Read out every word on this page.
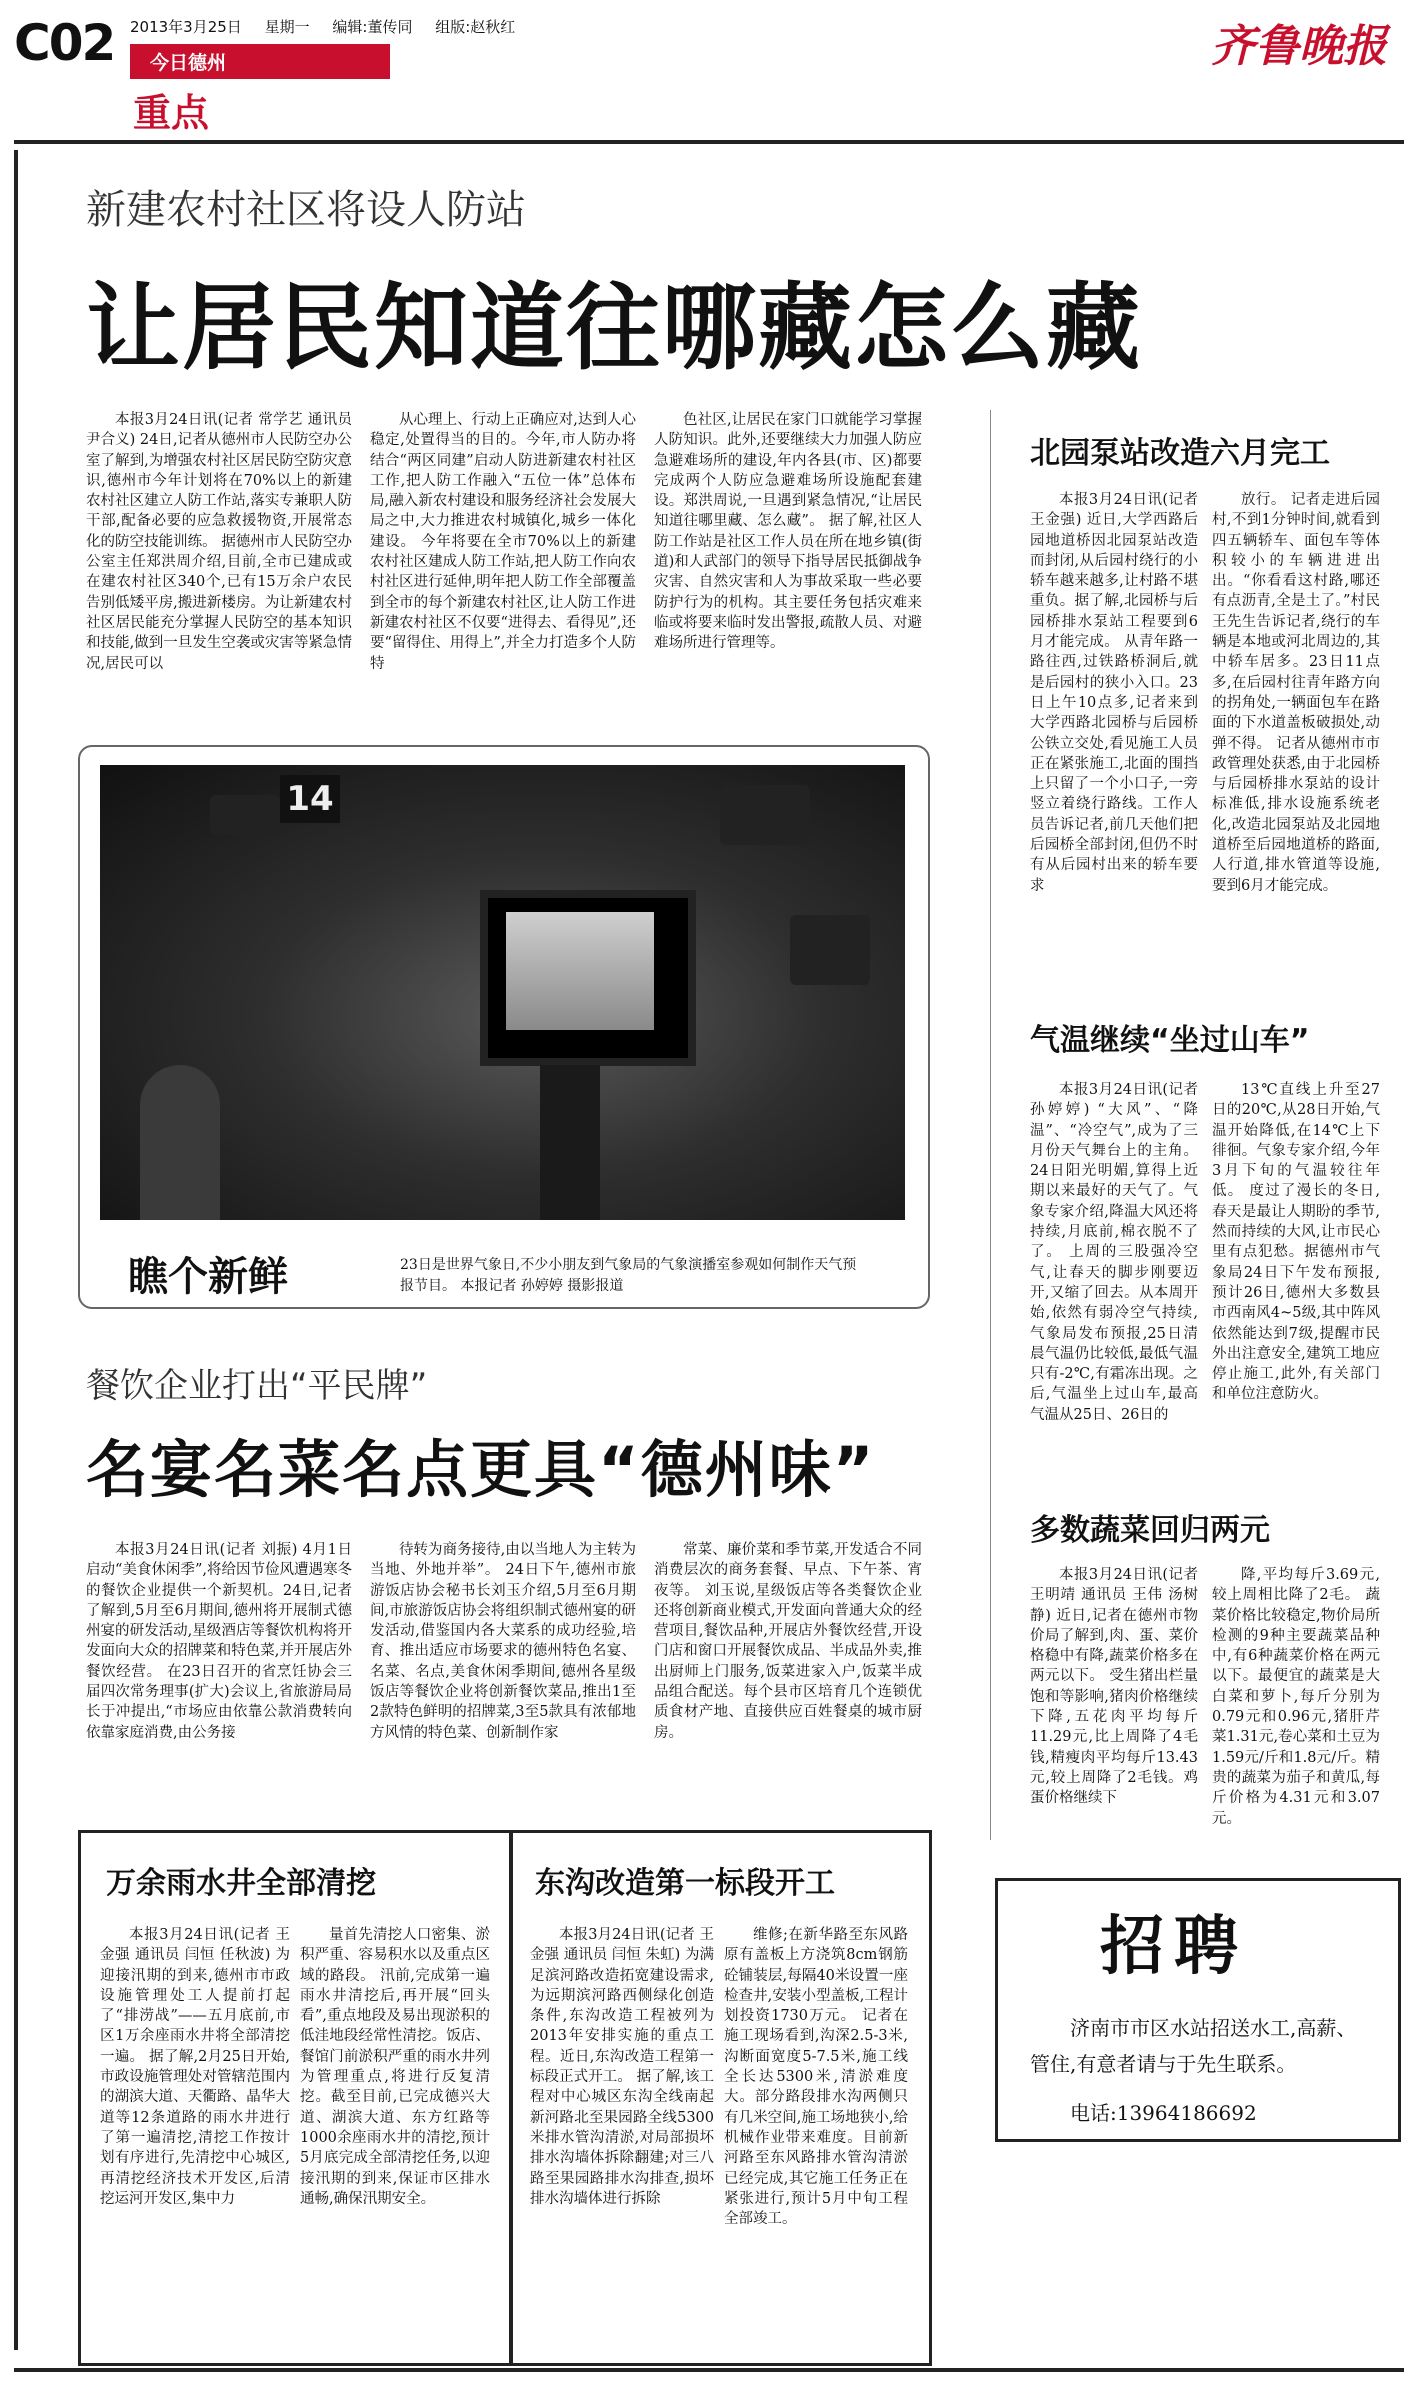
C02 2013年3月25日 星期一 编辑:董传同 组版:赵秋红
今日德州
重点
齐鲁晚报
新建农村社区将设人防站
让居民知道往哪藏怎么藏

本报3月24日讯(记者 常学艺 通讯员 尹合义) 24日,记者从德州市人民防空办公室了解到,为增强农村社区居民防空防灾意识,德州市今年计划将在70%以上的新建农村社区建立人防工作站,落实专兼职人防干部,配备必要的应急救援物资,开展常态化的防空技能训练。 据德州市人民防空办公室主任郑洪周介绍,目前,全市已建成或在建农村社区340个,已有15万余户农民告别低矮平房,搬进新楼房。为让新建农村社区居民能充分掌握人民防空的基本知识和技能,做到一旦发生空袭或灾害等紧急情况,居民可以

从心理上、行动上正确应对,达到人心稳定,处置得当的目的。今年,市人防办将结合“两区同建”启动人防进新建农村社区工作,把人防工作融入“五位一体”总体布局,融入新农村建设和服务经济社会发展大局之中,大力推进农村城镇化,城乡一体化建设。 今年将要在全市70%以上的新建农村社区建成人防工作站,把人防工作向农村社区进行延伸,明年把人防工作全部覆盖到全市的每个新建农村社区,让人防工作进新建农村社区不仅要“进得去、看得见”,还要“留得住、用得上”,并全力打造多个人防特

色社区,让居民在家门口就能学习掌握人防知识。此外,还要继续大力加强人防应急避难场所的建设,年内各县(市、区)都要完成两个人防应急避难场所设施配套建设。郑洪周说,一旦遇到紧急情况,“让居民知道往哪里藏、怎么藏”。 据了解,社区人防工作站是社区工作人员在所在地乡镇(街道)和人武部门的领导下指导居民抵御战争灾害、自然灾害和人为事故采取一些必要防护行为的机构。其主要任务包括灾难来临或将要来临时发出警报,疏散人员、对避难场所进行管理等。

14
瞧个新鲜	23日是世界气象日,不少小朋友到气象局的气象演播室参观如何制作天气预报节目。 本报记者 孙婷婷 摄影报道
餐饮企业打出“平民牌”
名宴名菜名点更具“德州味”

本报3月24日讯(记者 刘振) 4月1日启动“美食休闲季”,将给因节俭风遭遇寒冬的餐饮企业提供一个新契机。24日,记者了解到,5月至6月期间,德州将开展制式德州宴的研发活动,星级酒店等餐饮机构将开发面向大众的招牌菜和特色菜,并开展店外餐饮经营。 在23日召开的省烹饪协会三届四次常务理事(扩大)会议上,省旅游局局长于冲提出,“市场应由依靠公款消费转向依靠家庭消费,由公务接

待转为商务接待,由以当地人为主转为当地、外地并举”。 24日下午,德州市旅游饭店协会秘书长刘玉介绍,5月至6月期间,市旅游饭店协会将组织制式德州宴的研发活动,借鉴国内各大菜系的成功经验,培育、推出适应市场要求的德州特色名宴、名菜、名点,美食休闲季期间,德州各星级饭店等餐饮企业将创新餐饮菜品,推出1至2款特色鲜明的招牌菜,3至5款具有浓郁地方风情的特色菜、创新制作家

常菜、廉价菜和季节菜,开发适合不同消费层次的商务套餐、早点、下午茶、宵夜等。 刘玉说,星级饭店等各类餐饮企业还将创新商业模式,开发面向普通大众的经营项目,餐饮品种,开展店外餐饮经营,开设门店和窗口开展餐饮成品、半成品外卖,推出厨师上门服务,饭菜进家入户,饭菜半成品组合配送。每个县市区培育几个连锁优质食材产地、直接供应百姓餐桌的城市厨房。

万余雨水井全部清挖

本报3月24日讯(记者 王金强 通讯员 闫恒 任秋波) 为迎接汛期的到来,德州市市政设施管理处工人提前打起了“排涝战”——五月底前,市区1万余座雨水井将全部清挖一遍。 据了解,2月25日开始,市政设施管理处对管辖范围内的湖滨大道、天衢路、晶华大道等12条道路的雨水井进行了第一遍清挖,清挖工作按计划有序进行,先清挖中心城区,再清挖经济技术开发区,后清挖运河开发区,集中力

量首先清挖人口密集、淤积严重、容易积水以及重点区域的路段。 汛前,完成第一遍雨水井清挖后,再开展“回头看”,重点地段及易出现淤积的低洼地段经常性清挖。饭店、餐馆门前淤积严重的雨水井列为管理重点,将进行反复清挖。截至目前,已完成德兴大道、湖滨大道、东方红路等1000余座雨水井的清挖,预计5月底完成全部清挖任务,以迎接汛期的到来,保证市区排水通畅,确保汛期安全。

东沟改造第一标段开工

本报3月24日讯(记者 王金强 通讯员 闫恒 朱虹) 为满足滨河路改造拓宽建设需求,为远期滨河路西侧绿化创造条件,东沟改造工程被列为2013年安排实施的重点工程。近日,东沟改造工程第一标段正式开工。 据了解,该工程对中心城区东沟全线南起新河路北至果园路全线5300米排水管沟清淤,对局部损坏排水沟墙体拆除翻建;对三八路至果园路排水沟排查,损坏排水沟墙体进行拆除

维修;在新华路至东风路原有盖板上方浇筑8cm钢筋砼铺装层,每隔40米设置一座检查井,安装小型盖板,工程计划投资1730万元。 记者在施工现场看到,沟深2.5-3米,沟断面宽度5-7.5米,施工线全长达5300米,清淤难度大。部分路段排水沟两侧只有几米空间,施工场地狭小,给机械作业带来难度。目前新河路至东风路排水管沟清淤已经完成,其它施工任务正在紧张进行,预计5月中旬工程全部竣工。

北园泵站改造六月完工

本报3月24日讯(记者 王金强) 近日,大学西路后园地道桥因北园泵站改造而封闭,从后园村绕行的小轿车越来越多,让村路不堪重负。据了解,北园桥与后园桥排水泵站工程要到6月才能完成。 从青年路一路往西,过铁路桥洞后,就是后园村的狭小入口。23日上午10点多,记者来到大学西路北园桥与后园桥公铁立交处,看见施工人员正在紧张施工,北面的围挡上只留了一个小口子,一旁竖立着绕行路线。工作人员告诉记者,前几天他们把后园桥全部封闭,但仍不时有从后园村出来的轿车要求

放行。 记者走进后园村,不到1分钟时间,就看到四五辆轿车、面包车等体积较小的车辆进进出出。“你看看这村路,哪还有点沥青,全是土了。”村民王先生告诉记者,绕行的车辆是本地或河北周边的,其中轿车居多。23日11点多,在后园村往青年路方向的拐角处,一辆面包车在路面的下水道盖板破损处,动弹不得。 记者从德州市市政管理处获悉,由于北园桥与后园桥排水泵站的设计标准低,排水设施系统老化,改造北园泵站及北园地道桥至后园地道桥的路面,人行道,排水管道等设施,要到6月才能完成。

气温继续“坐过山车”

本报3月24日讯(记者 孙婷婷) “大风”、“降温”、“冷空气”,成为了三月份天气舞台上的主角。24日阳光明媚,算得上近期以来最好的天气了。气象专家介绍,降温大风还将持续,月底前,棉衣脱不了了。 上周的三股强冷空气,让春天的脚步刚要迈开,又缩了回去。从本周开始,依然有弱冷空气持续,气象局发布预报,25日清晨气温仍比较低,最低气温只有-2℃,有霜冻出现。之后,气温坐上过山车,最高气温从25日、26日的

13℃直线上升至27日的20℃,从28日开始,气温开始降低,在14℃上下徘徊。气象专家介绍,今年3月下旬的气温较往年低。 度过了漫长的冬日,春天是最让人期盼的季节,然而持续的大风,让市民心里有点犯愁。据德州市气象局24日下午发布预报,预计26日,德州大多数县市西南风4~5级,其中阵风依然能达到7级,提醒市民外出注意安全,建筑工地应停止施工,此外,有关部门和单位注意防火。

多数蔬菜回归两元

本报3月24日讯(记者 王明靖 通讯员 王伟 汤树静) 近日,记者在德州市物价局了解到,肉、蛋、菜价格稳中有降,蔬菜价格多在两元以下。 受生猪出栏量饱和等影响,猪肉价格继续下降,五花肉平均每斤11.29元,比上周降了4毛钱,精瘦肉平均每斤13.43元,较上周降了2毛钱。鸡蛋价格继续下

降,平均每斤3.69元,较上周相比降了2毛。 蔬菜价格比较稳定,物价局所检测的9种主要蔬菜品种中,有6种蔬菜价格在两元以下。最便宜的蔬菜是大白菜和萝卜,每斤分别为0.79元和0.96元,猪肝芹菜1.31元,卷心菜和土豆为1.59元/斤和1.8元/斤。精贵的蔬菜为茄子和黄瓜,每斤价格为4.31元和3.07元。

招聘
济南市市区水站招送水工,高薪、管住,有意者请与于先生联系。
电话:13964186692
